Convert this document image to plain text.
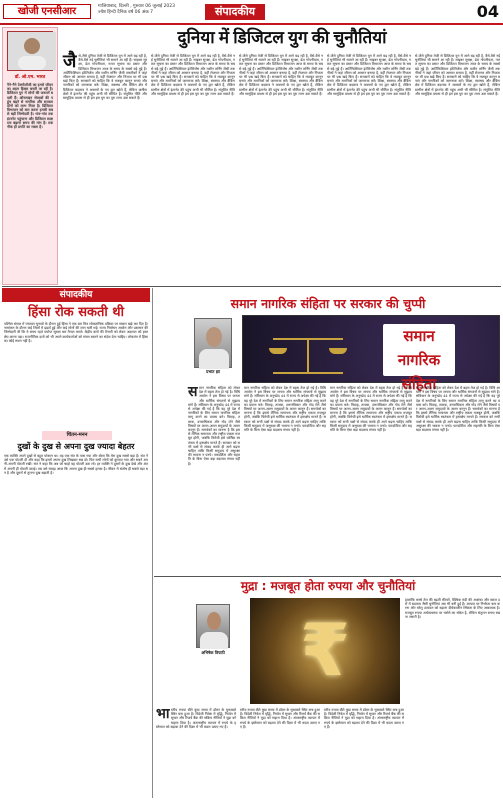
खोजी एनसीआर	गाजियाबाद, दिल्ली , गुरुवार 06 जुलाई 2023
ज्येष्ठ हिन्दी दैनिक वर्ष 06 अंक 7	संपादकीय	04
डॉ. ओ.एम. भारत
नैने-नैने टेक्नोलॉजी का हमारे जीवन का अहम हिस्सा बनती जा रही है। डिजिटल युग में लोगों की जरूरतें बदली हैं। ऑनलाइन सेवाओं की पहुंच बढ़ने से नागरिक और सरकार दोनों को लाभ मिला है। डिजिटल विभाजन को कम करना हमारी सबसे बड़ी जिम्मेदारी है। गांव-गांव तक इंटरनेट पहुंचाना और डिजिटल साक्षरता बढ़ाना समय की मांग है। तकनीक ही प्रगति का रास्ता है।
दुनिया में डिजिटल युग की चुनौतियां
जै से-जैसे दुनिया तेजी से डिजिटल युग में आगे बढ़ रही है, वैसे-वैसे नई चुनौतियां भी सामने आ रही हैं। साइबर सुरक्षा, डेटा गोपनीयता, गलत सूचना का प्रसार और डिजिटल विभाजन आज के समय के सबसे बड़े मुद्दे हैं। आर्टिफिशियल इंटेलिजेंस और मशीन लर्निंग जैसी तकनीकों ने जहां जीवन को आसान बनाया है, वहीं रोजगार और निजता पर भी प्रश्न खड़े किए हैं। सरकारों को चाहिए कि वे मजबूत कानून बनाएं और नागरिकों को जागरूक करें। शिक्षा, स्वास्थ्य और बैंकिंग क्षेत्र में डिजिटल बदलाव ने अवसरों के नए द्वार खोले हैं, लेकिन ग्रामीण क्षेत्रों में इंटरनेट की पहुंच अभी भी सीमित है। संतुलित नीति और सामूहिक प्रयास से ही हम इस युग का पूरा लाभ उठा सकते हैं।
से-जैसे दुनिया तेजी से डिजिटल युग में आगे बढ़ रही है, वैसे-वैसे नई चुनौतियां भी सामने आ रही हैं। साइबर सुरक्षा, डेटा गोपनीयता, गलत सूचना का प्रसार और डिजिटल विभाजन आज के समय के सबसे बड़े मुद्दे हैं। आर्टिफिशियल इंटेलिजेंस और मशीन लर्निंग जैसी तकनीकों ने जहां जीवन को आसान बनाया है, वहीं रोजगार और निजता पर भी प्रश्न खड़े किए हैं। सरकारों को चाहिए कि वे मजबूत कानून बनाएं और नागरिकों को जागरूक करें। शिक्षा, स्वास्थ्य और बैंकिंग क्षेत्र में डिजिटल बदलाव ने अवसरों के नए द्वार खोले हैं, लेकिन ग्रामीण क्षेत्रों में इंटरनेट की पहुंच अभी भी सीमित है। संतुलित नीति और सामूहिक प्रयास से ही हम इस युग का पूरा लाभ उठा सकते हैं।
से-जैसे दुनिया तेजी से डिजिटल युग में आगे बढ़ रही है, वैसे-वैसे नई चुनौतियां भी सामने आ रही हैं। साइबर सुरक्षा, डेटा गोपनीयता, गलत सूचना का प्रसार और डिजिटल विभाजन आज के समय के सबसे बड़े मुद्दे हैं। आर्टिफिशियल इंटेलिजेंस और मशीन लर्निंग जैसी तकनीकों ने जहां जीवन को आसान बनाया है, वहीं रोजगार और निजता पर भी प्रश्न खड़े किए हैं। सरकारों को चाहिए कि वे मजबूत कानून बनाएं और नागरिकों को जागरूक करें। शिक्षा, स्वास्थ्य और बैंकिंग क्षेत्र में डिजिटल बदलाव ने अवसरों के नए द्वार खोले हैं, लेकिन ग्रामीण क्षेत्रों में इंटरनेट की पहुंच अभी भी सीमित है। संतुलित नीति और सामूहिक प्रयास से ही हम इस युग का पूरा लाभ उठा सकते हैं।
से-जैसे दुनिया तेजी से डिजिटल युग में आगे बढ़ रही है, वैसे-वैसे नई चुनौतियां भी सामने आ रही हैं। साइबर सुरक्षा, डेटा गोपनीयता, गलत सूचना का प्रसार और डिजिटल विभाजन आज के समय के सबसे बड़े मुद्दे हैं। आर्टिफिशियल इंटेलिजेंस और मशीन लर्निंग जैसी तकनीकों ने जहां जीवन को आसान बनाया है, वहीं रोजगार और निजता पर भी प्रश्न खड़े किए हैं। सरकारों को चाहिए कि वे मजबूत कानून बनाएं और नागरिकों को जागरूक करें। शिक्षा, स्वास्थ्य और बैंकिंग क्षेत्र में डिजिटल बदलाव ने अवसरों के नए द्वार खोले हैं, लेकिन ग्रामीण क्षेत्रों में इंटरनेट की पहुंच अभी भी सीमित है। संतुलित नीति और सामूहिक प्रयास से ही हम इस युग का पूरा लाभ उठा सकते हैं।
से-जैसे दुनिया तेजी से डिजिटल युग में आगे बढ़ रही है, वैसे-वैसे नई चुनौतियां भी सामने आ रही हैं। साइबर सुरक्षा, डेटा गोपनीयता, गलत सूचना का प्रसार और डिजिटल विभाजन आज के समय के सबसे बड़े मुद्दे हैं। आर्टिफिशियल इंटेलिजेंस और मशीन लर्निंग जैसी तकनीकों ने जहां जीवन को आसान बनाया है, वहीं रोजगार और निजता पर भी प्रश्न खड़े किए हैं। सरकारों को चाहिए कि वे मजबूत कानून बनाएं और नागरिकों को जागरूक करें। शिक्षा, स्वास्थ्य और बैंकिंग क्षेत्र में डिजिटल बदलाव ने अवसरों के नए द्वार खोले हैं, लेकिन ग्रामीण क्षेत्रों में इंटरनेट की पहुंच अभी भी सीमित है। संतुलित नीति और सामूहिक प्रयास से ही हम इस युग का पूरा लाभ उठा सकते हैं।
संपादकीय
हिंसा रोक सकती थी
पश्चिम बंगाल में पंचायत चुनावों के दौरान हुई हिंसा ने एक बार फिर लोकतांत्रिक प्रक्रिया पर सवाल खड़े कर दिए हैं। नामांकन के दौरान कई जिलों में झड़पें हुईं और कई लोगों की जान चली गई। राज्य निर्वाचन आयोग और प्रशासन की जिम्मेदारी थी कि वे समय रहते पर्याप्त सुरक्षा बल तैनात करते। केंद्रीय बलों की तैनाती को लेकर अदालत को हस्तक्षेप करना पड़ा। राजनीतिक दलों को भी अपने कार्यकर्ताओं को संयम बरतने का संदेश देना चाहिए। लोकतंत्र में हिंसा का कोई स्थान नहीं है।
चिंतन-मनन
दुखों के दुख से अपना दुख ज्यादा बेहतर
एक व्यक्ति अपने दुखों से बहुत परेशान था। वह एक संत के पास गया और बोला कि मेरा दुख सबसे बड़ा है। संत ने उसे एक पोटली दी और कहा कि इसमें अपना दुख लिखकर रख दो। फिर सभी लोगों को बुलाया गया और सबने अपनी-अपनी पोटली रखी। संत ने कहा कि अब जो चाहो वह पोटली उठा लो। हर व्यक्ति ने दूसरों के दुख देखे और अंत में अपनी ही पोटली उठाई। तब उसे समझ आया कि अपना दुख ही सबसे हल्का है। जीवन में संतोष ही सबसे बड़ा धन है और दूसरों से तुलना दुख बढ़ाती है।
समान नागरिक संहिता पर सरकार की चुप्पी
प्रभात झा
समान नागरिक संहिता
स मान नागरिक संहिता को लेकर देश में बहस तेज हो गई है। विधि आयोग ने इस विषय पर जनता और धार्मिक संगठनों से सुझाव मांगे हैं। संविधान के अनुच्छेद 44 में राज्य से अपेक्षा की गई है कि वह पूरे देश में नागरिकों के लिए समान नागरिक संहिता लागू करने का प्रयास करे। विवाह, तलाक, उत्तराधिकार और गोद लेने जैसे विषयों पर अलग-अलग समुदायों के अलग कानून हैं। समर्थकों का मानना है कि इससे लैंगिक समानता और राष्ट्रीय एकता मजबूत होगी, जबकि विरोधी इसे धार्मिक स्वतंत्रता में हस्तक्षेप मानते हैं। सरकार को सभी पक्षों से संवाद करके ही आगे बढ़ना चाहिए ताकि किसी समुदाय में असुरक्षा की भावना न पनपे। पारदर्शिता और सहमति के बिना ऐसा बड़ा बदलाव संभव नहीं है।
मान नागरिक संहिता को लेकर देश में बहस तेज हो गई है। विधि आयोग ने इस विषय पर जनता और धार्मिक संगठनों से सुझाव मांगे हैं। संविधान के अनुच्छेद 44 में राज्य से अपेक्षा की गई है कि वह पूरे देश में नागरिकों के लिए समान नागरिक संहिता लागू करने का प्रयास करे। विवाह, तलाक, उत्तराधिकार और गोद लेने जैसे विषयों पर अलग-अलग समुदायों के अलग कानून हैं। समर्थकों का मानना है कि इससे लैंगिक समानता और राष्ट्रीय एकता मजबूत होगी, जबकि विरोधी इसे धार्मिक स्वतंत्रता में हस्तक्षेप मानते हैं। सरकार को सभी पक्षों से संवाद करके ही आगे बढ़ना चाहिए ताकि किसी समुदाय में असुरक्षा की भावना न पनपे। पारदर्शिता और सहमति के बिना ऐसा बड़ा बदलाव संभव नहीं है।
मान नागरिक संहिता को लेकर देश में बहस तेज हो गई है। विधि आयोग ने इस विषय पर जनता और धार्मिक संगठनों से सुझाव मांगे हैं। संविधान के अनुच्छेद 44 में राज्य से अपेक्षा की गई है कि वह पूरे देश में नागरिकों के लिए समान नागरिक संहिता लागू करने का प्रयास करे। विवाह, तलाक, उत्तराधिकार और गोद लेने जैसे विषयों पर अलग-अलग समुदायों के अलग कानून हैं। समर्थकों का मानना है कि इससे लैंगिक समानता और राष्ट्रीय एकता मजबूत होगी, जबकि विरोधी इसे धार्मिक स्वतंत्रता में हस्तक्षेप मानते हैं। सरकार को सभी पक्षों से संवाद करके ही आगे बढ़ना चाहिए ताकि किसी समुदाय में असुरक्षा की भावना न पनपे। पारदर्शिता और सहमति के बिना ऐसा बड़ा बदलाव संभव नहीं है।
मान नागरिक संहिता को लेकर देश में बहस तेज हो गई है। विधि आयोग ने इस विषय पर जनता और धार्मिक संगठनों से सुझाव मांगे हैं। संविधान के अनुच्छेद 44 में राज्य से अपेक्षा की गई है कि वह पूरे देश में नागरिकों के लिए समान नागरिक संहिता लागू करने का प्रयास करे। विवाह, तलाक, उत्तराधिकार और गोद लेने जैसे विषयों पर अलग-अलग समुदायों के अलग कानून हैं। समर्थकों का मानना है कि इससे लैंगिक समानता और राष्ट्रीय एकता मजबूत होगी, जबकि विरोधी इसे धार्मिक स्वतंत्रता में हस्तक्षेप मानते हैं। सरकार को सभी पक्षों से संवाद करके ही आगे बढ़ना चाहिए ताकि किसी समुदाय में असुरक्षा की भावना न पनपे। पारदर्शिता और सहमति के बिना ऐसा बड़ा बदलाव संभव नहीं है।
मुद्रा : मजबूत होता रुपया और चुनौतियां
अभिषेक त्रिपाठी	₹
भा रतीय रुपया बीते कुछ समय में डॉलर के मुकाबले स्थिर बना हुआ है। विदेशी निवेश में वृद्धि, निर्यात में सुधार और रिजर्व बैंक की सक्रिय नीतियों ने मुद्रा को सहारा दिया है। अंतरराष्ट्रीय व्यापार में रुपये के इस्तेमाल को बढ़ावा देने की दिशा में भी कदम उठाए गए हैं।
रतीय रुपया बीते कुछ समय में डॉलर के मुकाबले स्थिर बना हुआ है। विदेशी निवेश में वृद्धि, निर्यात में सुधार और रिजर्व बैंक की सक्रिय नीतियों ने मुद्रा को सहारा दिया है। अंतरराष्ट्रीय व्यापार में रुपये के इस्तेमाल को बढ़ावा देने की दिशा में भी कदम उठाए गए हैं।
रतीय रुपया बीते कुछ समय में डॉलर के मुकाबले स्थिर बना हुआ है। विदेशी निवेश में वृद्धि, निर्यात में सुधार और रिजर्व बैंक की सक्रिय नीतियों ने मुद्रा को सहारा दिया है। अंतरराष्ट्रीय व्यापार में रुपये के इस्तेमाल को बढ़ावा देने की दिशा में भी कदम उठाए गए हैं।
हालांकि कच्चे तेल की बढ़ती कीमतें, वैश्विक मंदी की आशंका और ब्याज दरों में बदलाव जैसी चुनौतियां अब भी बनी हुई हैं। आयात पर निर्भरता कम करना और घरेलू उत्पादन को बढ़ाना दीर्घकालीन स्थिरता के लिए आवश्यक है। मजबूत रुपया अर्थव्यवस्था पर भरोसे का संकेत है, लेकिन संतुलन बनाए रखना जरूरी है।
